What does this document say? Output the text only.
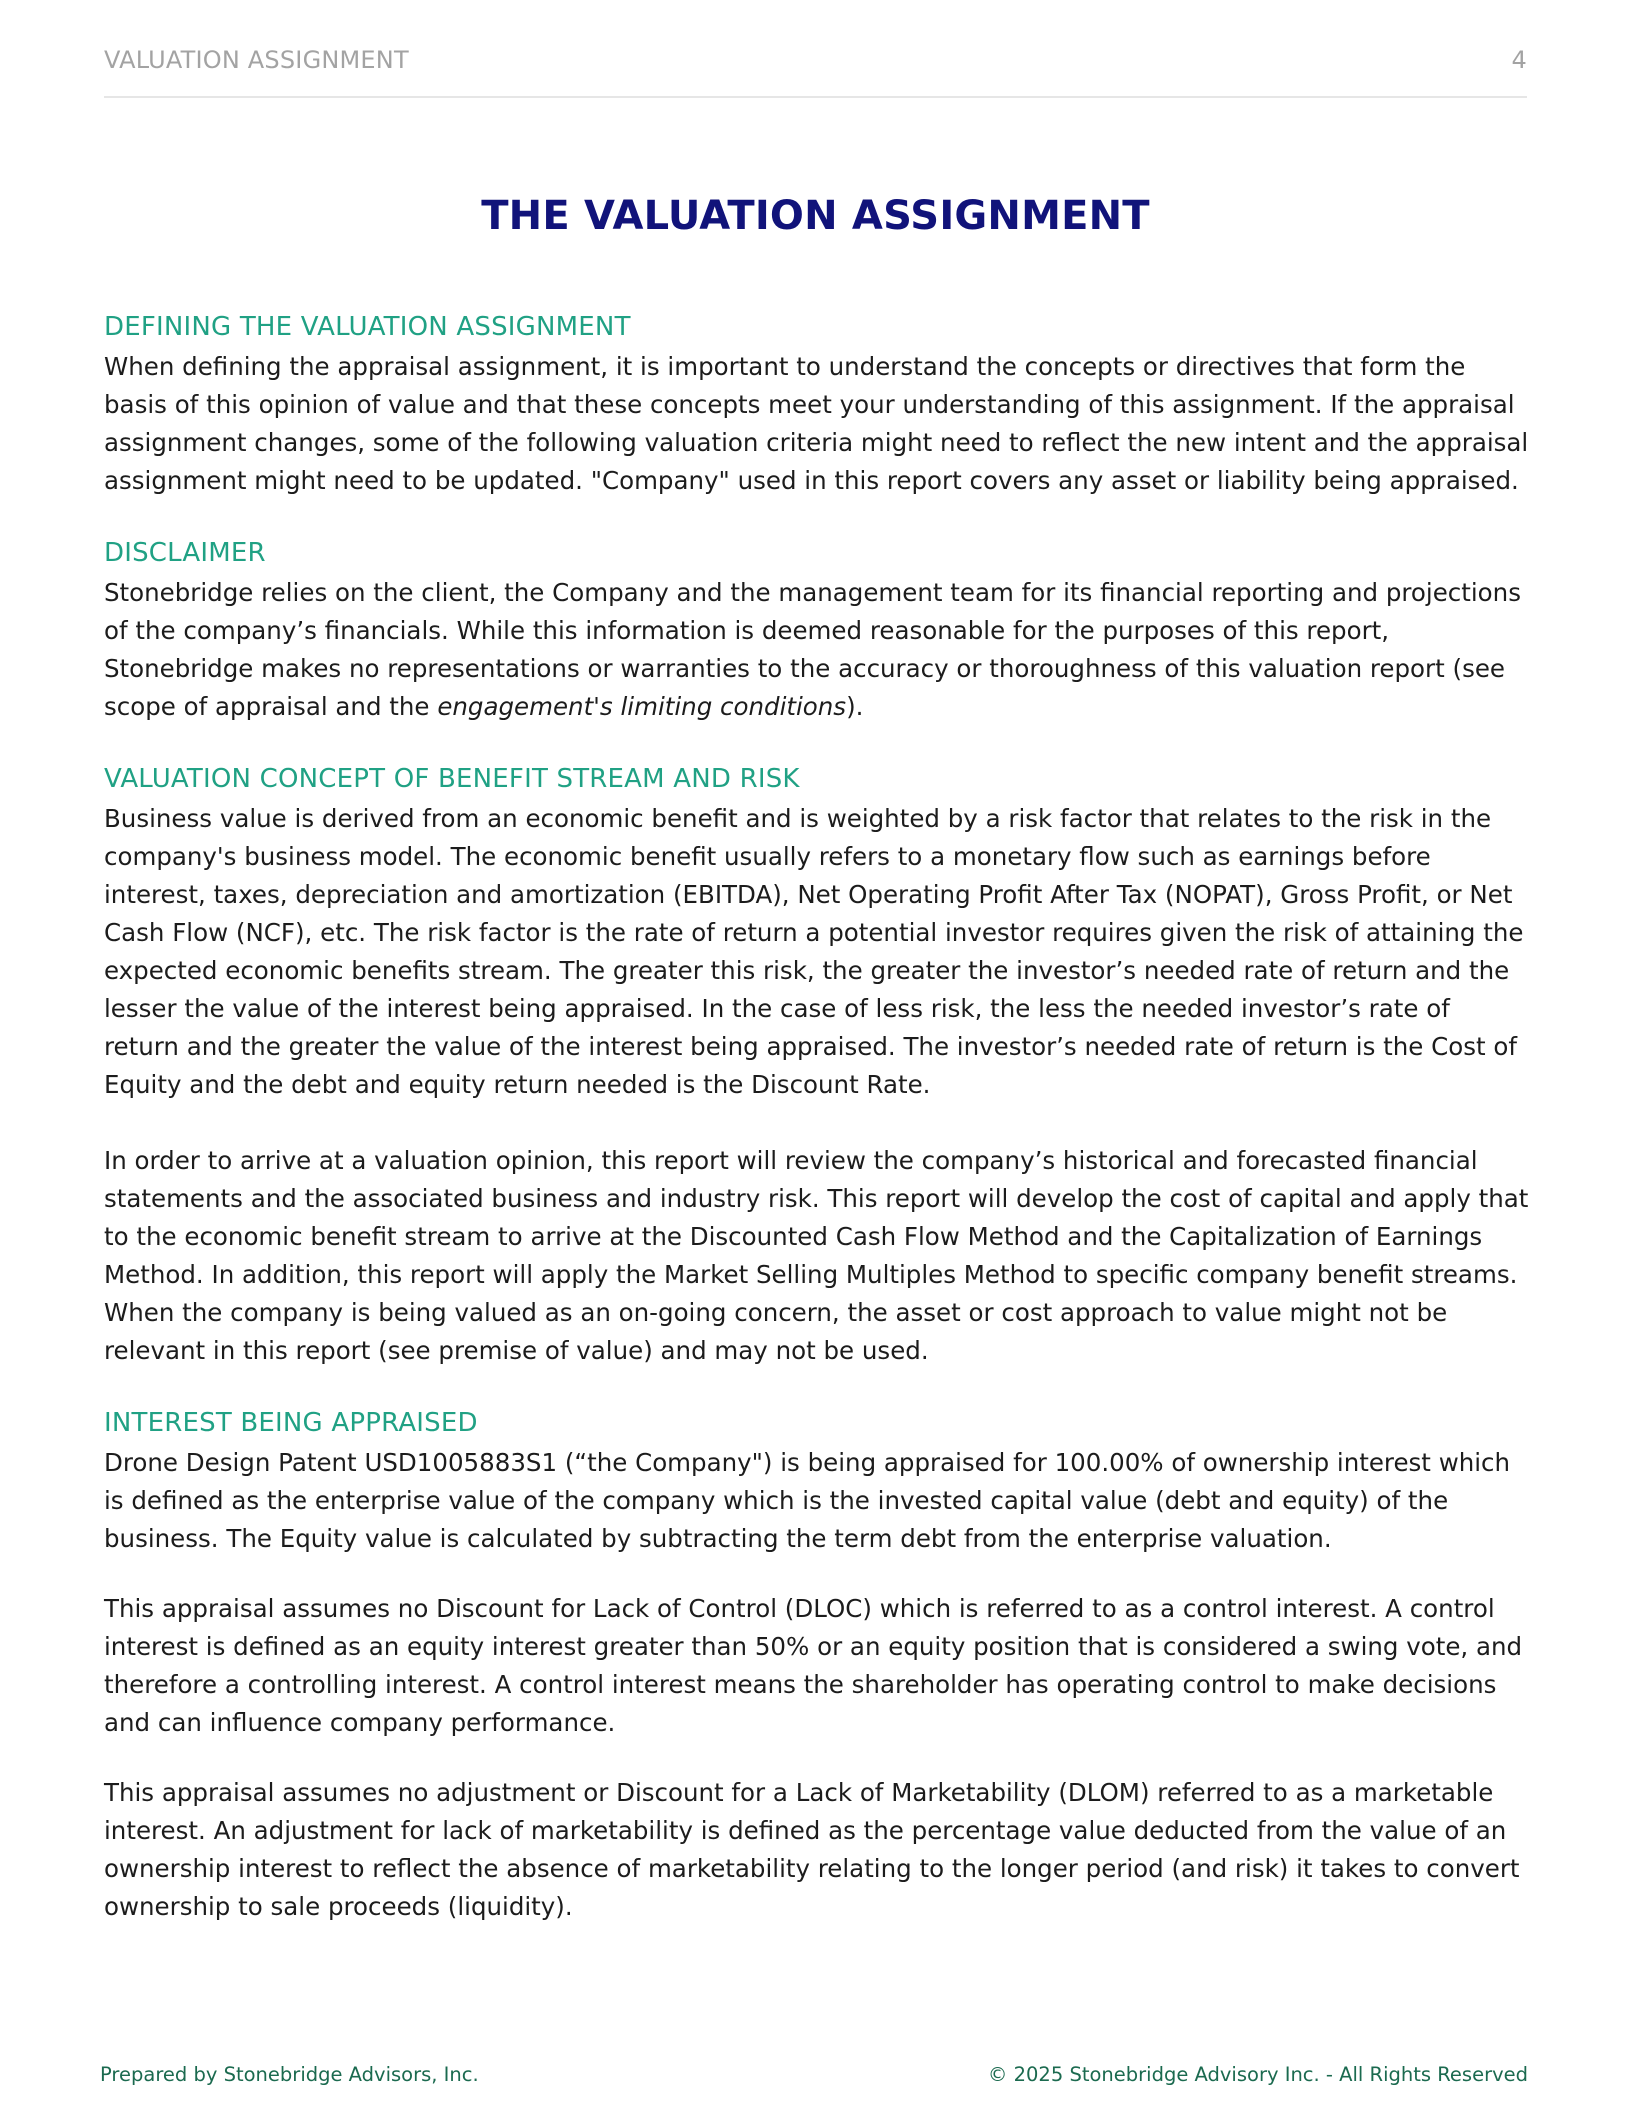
VALUATION ASSIGNMENT	4
THE VALUATION ASSIGNMENT
DEFINING THE VALUATION ASSIGNMENT

When defining the appraisal assignment, it is important to understand the concepts or directives that form the basis of this opinion of value and that these concepts meet your understanding of this assignment. If the appraisal assignment changes, some of the following valuation criteria might need to reflect the new intent and the appraisal assignment might need to be updated. "Company" used in this report covers any asset or liability being appraised.

DISCLAIMER

Stonebridge relies on the client, the Company and the management team for its financial reporting and projections of the company’s financials. While this information is deemed reasonable for the purposes of this report, Stonebridge makes no representations or warranties to the accuracy or thoroughness of this valuation report (see scope of appraisal and the engagement's limiting conditions).

VALUATION CONCEPT OF BENEFIT STREAM AND RISK

Business value is derived from an economic benefit and is weighted by a risk factor that relates to the risk in the company's business model. The economic benefit usually refers to a monetary flow such as earnings before interest, taxes, depreciation and amortization (EBITDA), Net Operating Profit After Tax (NOPAT), Gross Profit, or Net Cash Flow (NCF), etc. The risk factor is the rate of return a potential investor requires given the risk of attaining the expected economic benefits stream. The greater this risk, the greater the investor’s needed rate of return and the lesser the value of the interest being appraised. In the case of less risk, the less the needed investor’s rate of return and the greater the value of the interest being appraised. The investor’s needed rate of return is the Cost of Equity and the debt and equity return needed is the Discount Rate.

In order to arrive at a valuation opinion, this report will review the company’s historical and forecasted financial statements and the associated business and industry risk. This report will develop the cost of capital and apply that to the economic benefit stream to arrive at the Discounted Cash Flow Method and the Capitalization of Earnings Method. In addition, this report will apply the Market Selling Multiples Method to specific company benefit streams. When the company is being valued as an on-going concern, the asset or cost approach to value might not be relevant in this report (see premise of value) and may not be used.

INTEREST BEING APPRAISED

Drone Design Patent USD1005883S1 (“the Company") is being appraised for 100.00% of ownership interest which is defined as the enterprise value of the company which is the invested capital value (debt and equity) of the business. The Equity value is calculated by subtracting the term debt from the enterprise valuation.

This appraisal assumes no Discount for Lack of Control (DLOC) which is referred to as a control interest. A control interest is defined as an equity interest greater than 50% or an equity position that is considered a swing vote, and therefore a controlling interest. A control interest means the shareholder has operating control to make decisions and can influence company performance.

This appraisal assumes no adjustment or Discount for a Lack of Marketability (DLOM) referred to as a marketable interest. An adjustment for lack of marketability is defined as the percentage value deducted from the value of an ownership interest to reflect the absence of marketability relating to the longer period (and risk) it takes to convert ownership to sale proceeds (liquidity).

Prepared by Stonebridge Advisors, Inc.	© 2025 Stonebridge Advisory Inc. - All Rights Reserved
